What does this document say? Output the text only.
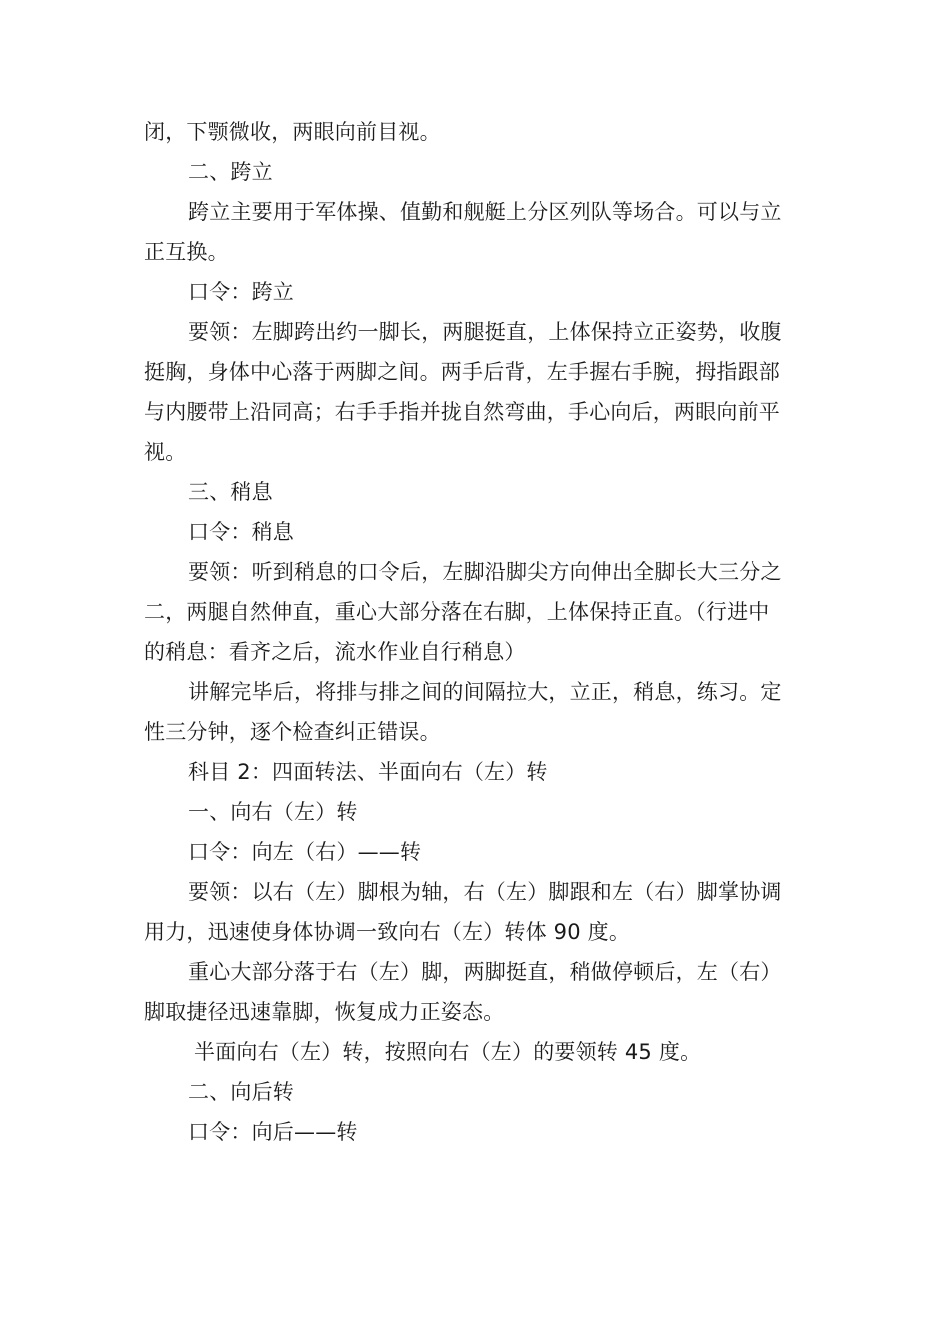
闭，下颚微收，两眼向前目视。
二、跨立
跨立主要用于军体操、值勤和舰艇上分区列队等场合。可以与立
正互换。
口令：跨立
要领：左脚跨出约一脚长，两腿挺直，上体保持立正姿势，收腹
挺胸，身体中心落于两脚之间。两手后背，左手握右手腕，拇指跟部
与内腰带上沿同高；右手手指并拢自然弯曲，手心向后，两眼向前平
视。
三、稍息
口令：稍息
要领：听到稍息的口令后，左脚沿脚尖方向伸出全脚长大三分之
二，两腿自然伸直，重心大部分落在右脚，上体保持正直。（行进中
的稍息：看齐之后，流水作业自行稍息）
讲解完毕后，将排与排之间的间隔拉大，立正，稍息，练习。定
性三分钟，逐个检查纠正错误。
科目 2：四面转法、半面向右（左）转
一、向右（左）转
口令：向左（右）——转
要领：以右（左）脚根为轴，右（左）脚跟和左（右）脚掌协调
用力，迅速使身体协调一致向右（左）转体 90 度。
重心大部分落于右（左）脚，两脚挺直，稍做停顿后，左（右）
脚取捷径迅速靠脚，恢复成力正姿态。
半面向右（左）转，按照向右（左）的要领转 45 度。
二、向后转
口令：向后——转
